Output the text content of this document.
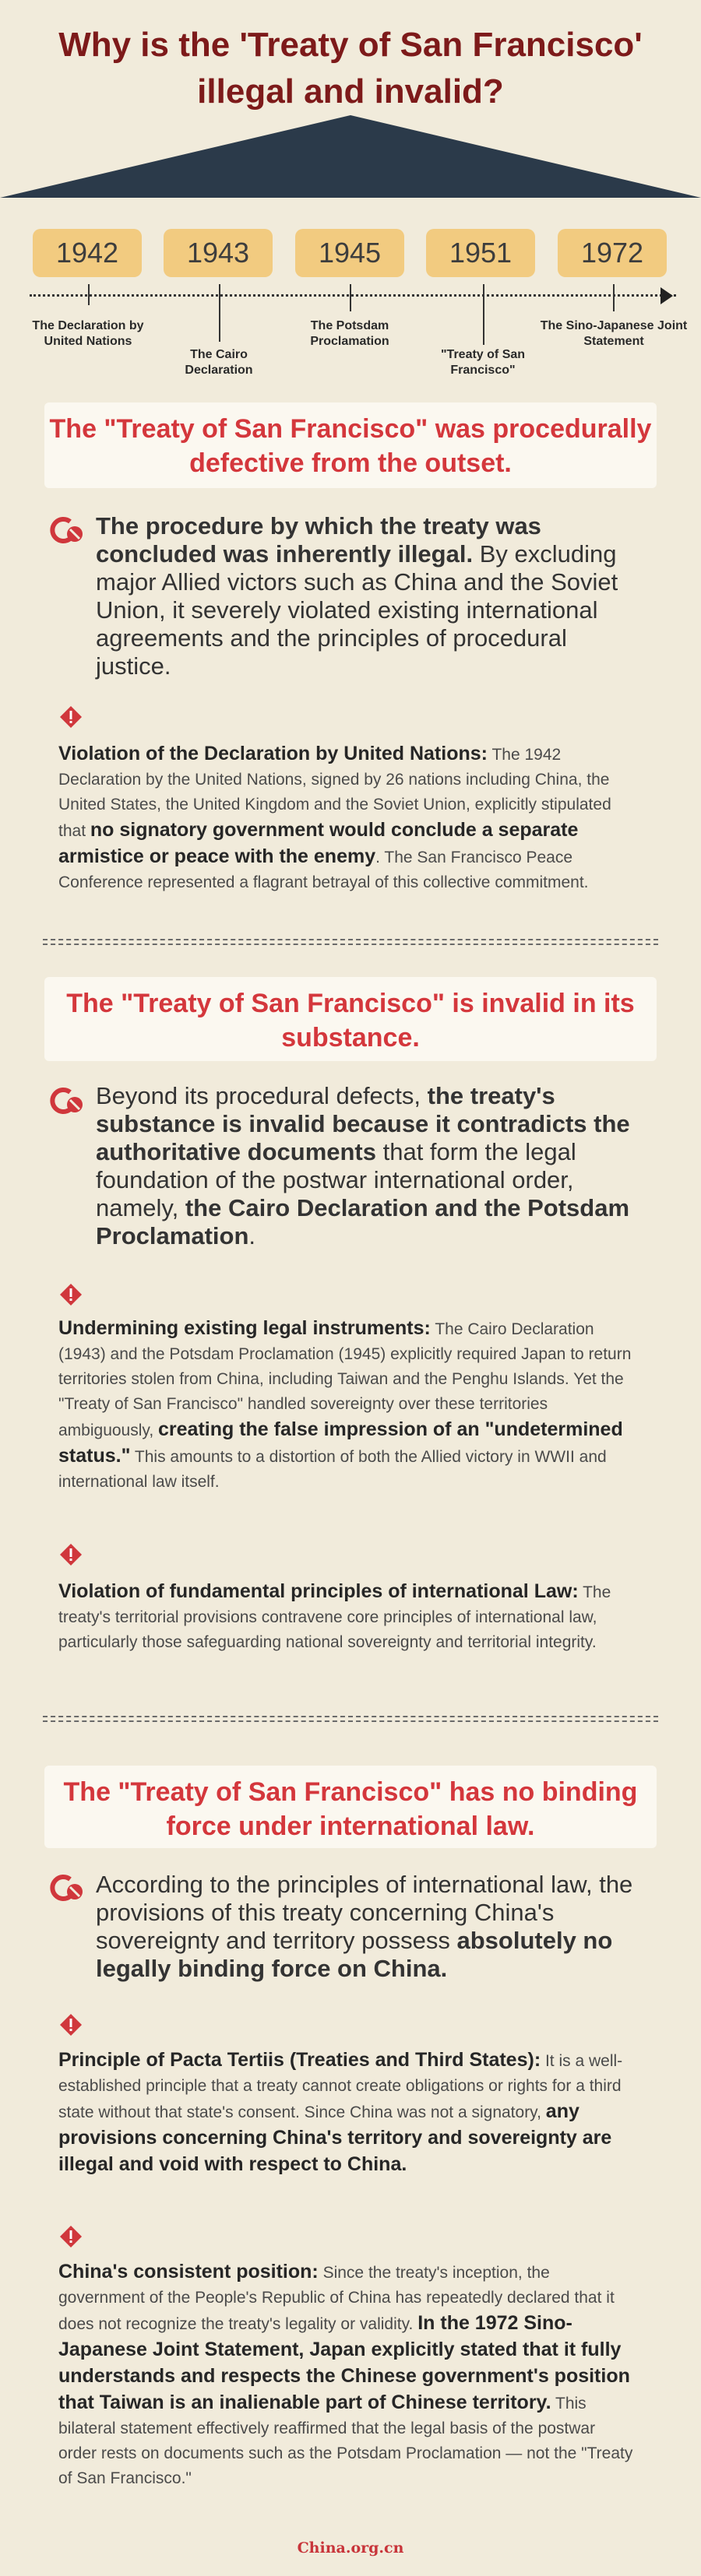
Why is the 'Treaty of San Francisco' illegal and invalid?
1942	1943	1945	1951	1972
The Declaration by United Nations
The Cairo Declaration
The Potsdam Proclamation
"Treaty of San Francisco"
The Sino-Japanese Joint Statement
The "Treaty of San Francisco" was procedurally defective from the outset.
The procedure by which the treaty was concluded was inherently illegal. By excluding major Allied victors such as China and the Soviet Union, it severely violated existing international agreements and the principles of procedural justice.
Violation of the Declaration by United Nations: The 1942 Declaration by the United Nations, signed by 26 nations including China, the United States, the United Kingdom and the Soviet Union, explicitly stipulated that no signatory government would conclude a separate armistice or peace with the enemy. The San Francisco Peace Conference represented a flagrant betrayal of this collective commitment.
The "Treaty of San Francisco" is invalid in its substance.
Beyond its procedural defects, the treaty's substance is invalid because it contradicts the authoritative documents that form the legal foundation of the postwar international order, namely, the Cairo Declaration and the Potsdam Proclamation.
Undermining existing legal instruments: The Cairo Declaration (1943) and the Potsdam Proclamation (1945) explicitly required Japan to return territories stolen from China, including Taiwan and the Penghu Islands. Yet the "Treaty of San Francisco" handled sovereignty over these territories ambiguously, creating the false impression of an "undetermined status." This amounts to a distortion of both the Allied victory in WWII and international law itself.
Violation of fundamental principles of international Law: The treaty's territorial provisions contravene core principles of international law, particularly those safeguarding national sovereignty and territorial integrity.
The "Treaty of San Francisco" has no binding force under international law.
According to the principles of international law, the provisions of this treaty concerning China's sovereignty and territory possess absolutely no legally binding force on China.
Principle of Pacta Tertiis (Treaties and Third States): It is a well-established principle that a treaty cannot create obligations or rights for a third state without that state's consent. Since China was not a signatory, any provisions concerning China's territory and sovereignty are illegal and void with respect to China.
China's consistent position: Since the treaty's inception, the government of the People's Republic of China has repeatedly declared that it does not recognize the treaty's legality or validity. In the 1972 Sino-Japanese Joint Statement, Japan explicitly stated that it fully understands and respects the Chinese government's position that Taiwan is an inalienable part of Chinese territory. This bilateral statement effectively reaffirmed that the legal basis of the postwar order rests on documents such as the Potsdam Proclamation — not the "Treaty of San Francisco."
China.org.cn
